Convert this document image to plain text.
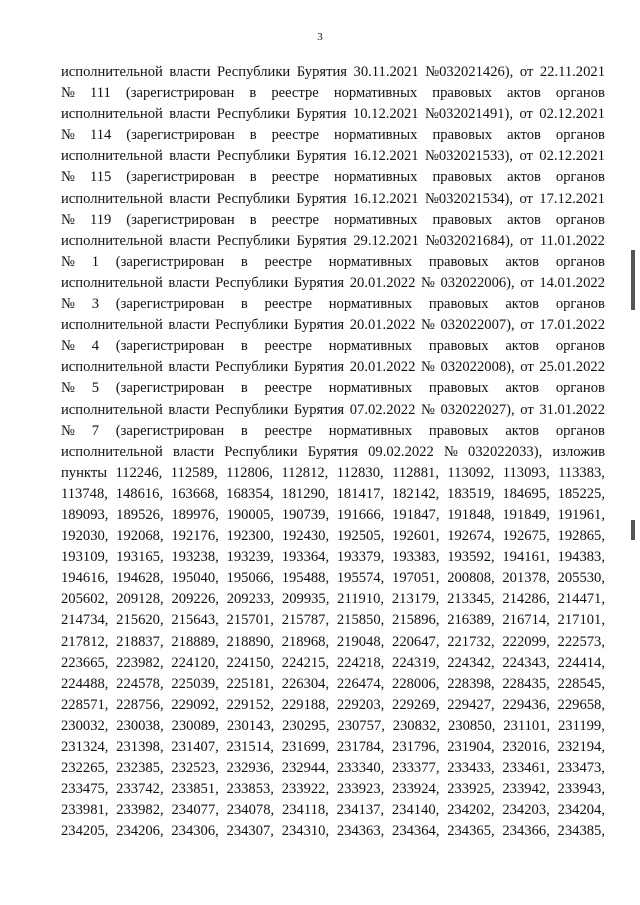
3
исполнительной власти Республики Бурятия 30.11.2021 №032021426), от 22.11.2021
№ 111 (зарегистрирован в реестре нормативных правовых актов органов
исполнительной власти Республики Бурятия 10.12.2021 №032021491), от 02.12.2021
№ 114 (зарегистрирован в реестре нормативных правовых актов органов
исполнительной власти Республики Бурятия 16.12.2021 №032021533), от 02.12.2021
№ 115 (зарегистрирован в реестре нормативных правовых актов органов
исполнительной власти Республики Бурятия 16.12.2021 №032021534), от 17.12.2021
№ 119 (зарегистрирован в реестре нормативных правовых актов органов
исполнительной власти Республики Бурятия 29.12.2021 №032021684), от 11.01.2022
№ 1 (зарегистрирован в реестре нормативных правовых актов органов
исполнительной власти Республики Бурятия 20.01.2022 № 032022006), от 14.01.2022
№ 3 (зарегистрирован в реестре нормативных правовых актов органов
исполнительной власти Республики Бурятия 20.01.2022 № 032022007), от 17.01.2022
№ 4 (зарегистрирован в реестре нормативных правовых актов органов
исполнительной власти Республики Бурятия 20.01.2022 № 032022008), от 25.01.2022
№ 5 (зарегистрирован в реестре нормативных правовых актов органов
исполнительной власти Республики Бурятия 07.02.2022 № 032022027), от 31.01.2022
№ 7 (зарегистрирован в реестре нормативных правовых актов органов
исполнительной власти Республики Бурятия 09.02.2022 № 032022033), изложив
пункты 112246, 112589, 112806, 112812, 112830, 112881, 113092, 113093, 113383,
113748, 148616, 163668, 168354, 181290, 181417, 182142, 183519, 184695, 185225,
189093, 189526, 189976, 190005, 190739, 191666, 191847, 191848, 191849, 191961,
192030, 192068, 192176, 192300, 192430, 192505, 192601, 192674, 192675, 192865,
193109, 193165, 193238, 193239, 193364, 193379, 193383, 193592, 194161, 194383,
194616, 194628, 195040, 195066, 195488, 195574, 197051, 200808, 201378, 205530,
205602, 209128, 209226, 209233, 209935, 211910, 213179, 213345, 214286, 214471,
214734, 215620, 215643, 215701, 215787, 215850, 215896, 216389, 216714, 217101,
217812, 218837, 218889, 218890, 218968, 219048, 220647, 221732, 222099, 222573,
223665, 223982, 224120, 224150, 224215, 224218, 224319, 224342, 224343, 224414,
224488, 224578, 225039, 225181, 226304, 226474, 228006, 228398, 228435, 228545,
228571, 228756, 229092, 229152, 229188, 229203, 229269, 229427, 229436, 229658,
230032, 230038, 230089, 230143, 230295, 230757, 230832, 230850, 231101, 231199,
231324, 231398, 231407, 231514, 231699, 231784, 231796, 231904, 232016, 232194,
232265, 232385, 232523, 232936, 232944, 233340, 233377, 233433, 233461, 233473,
233475, 233742, 233851, 233853, 233922, 233923, 233924, 233925, 233942, 233943,
233981, 233982, 234077, 234078, 234118, 234137, 234140, 234202, 234203, 234204,
234205, 234206, 234306, 234307, 234310, 234363, 234364, 234365, 234366, 234385,
